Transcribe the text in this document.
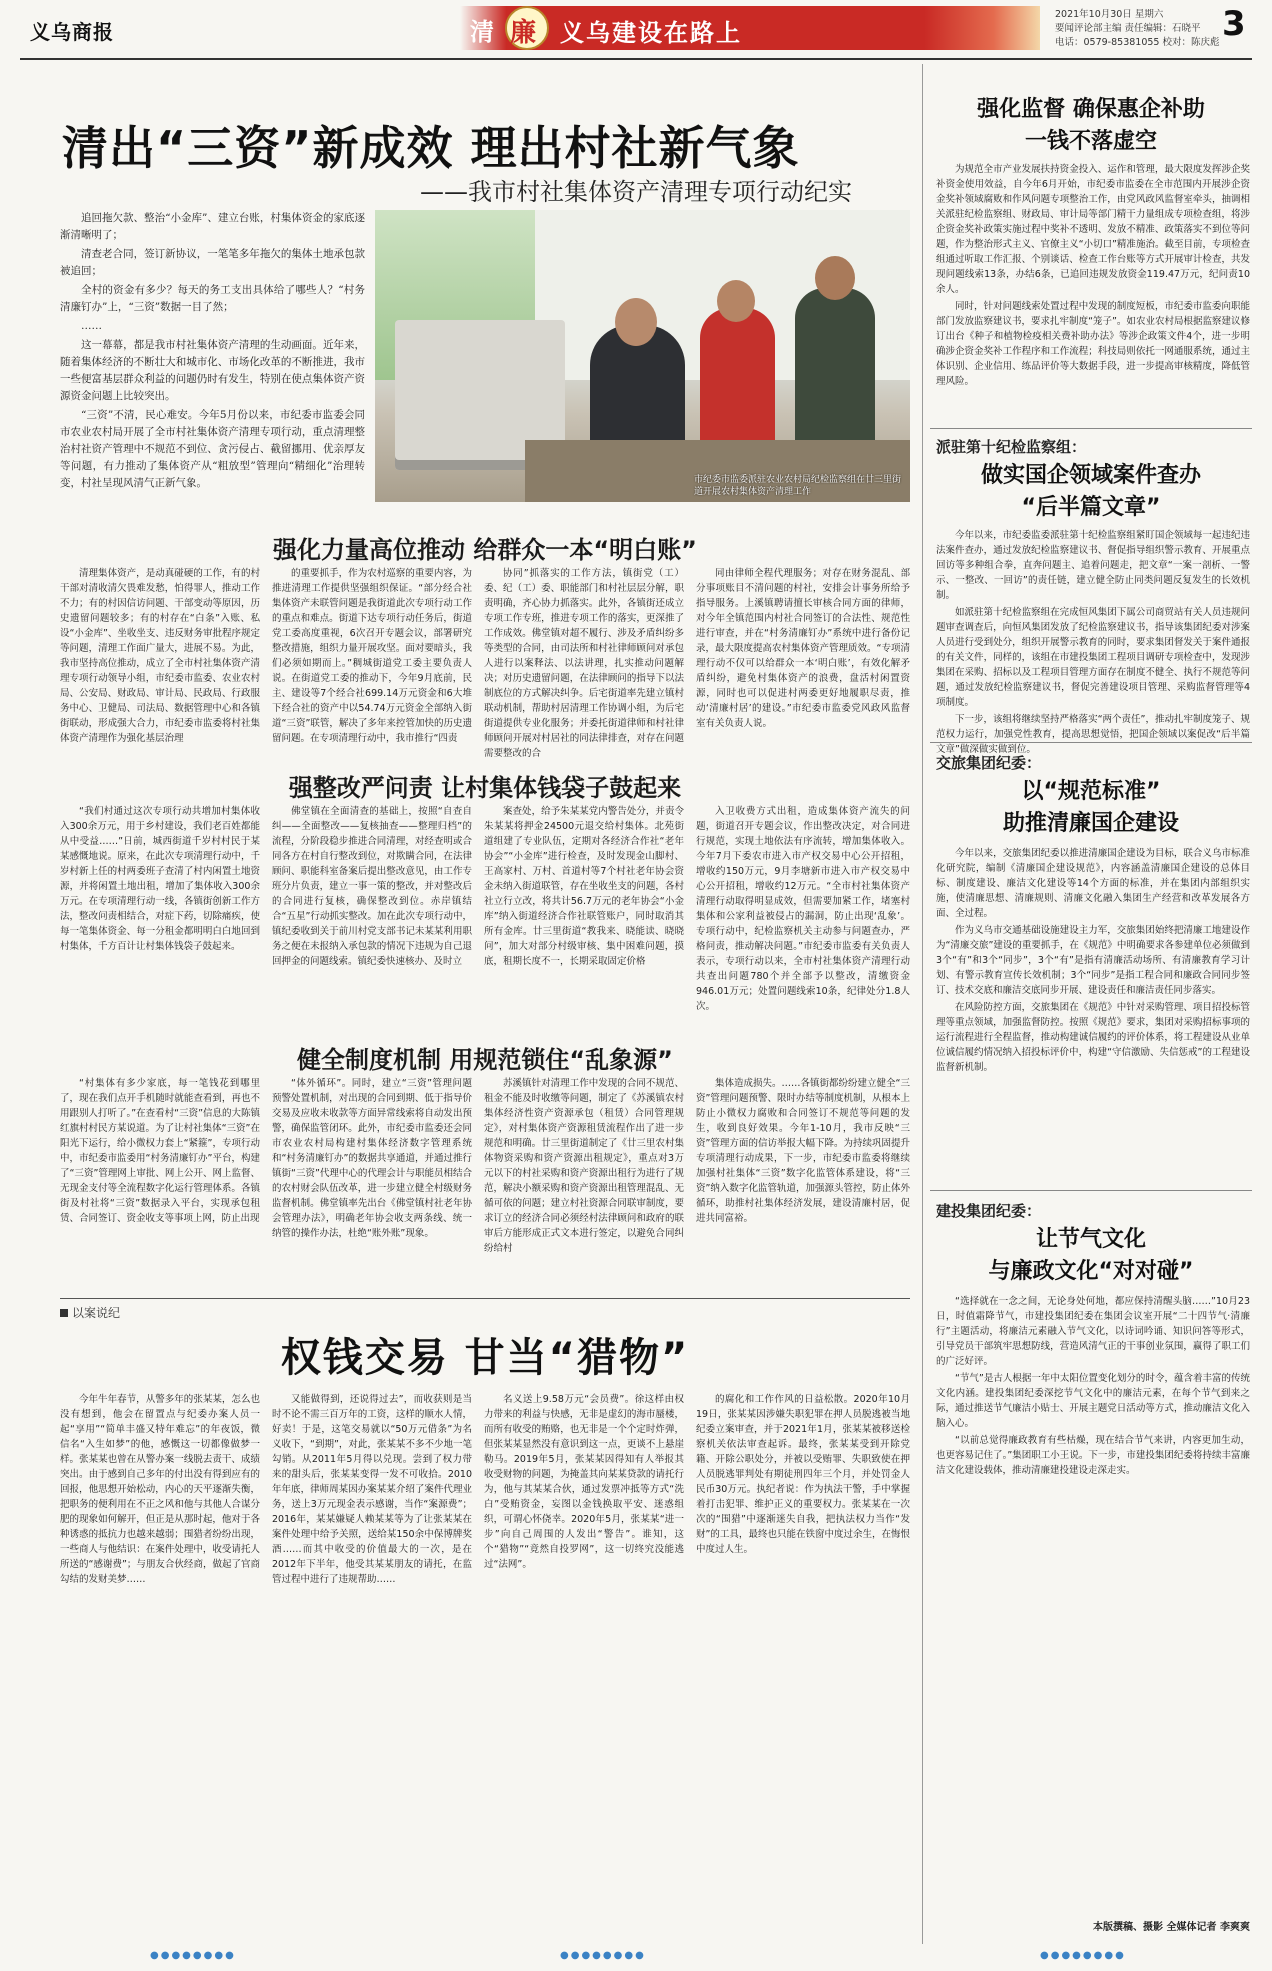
义乌商报	清 廉 义乌建设在路上
2021年10月30日 星期六
要闻评论部主编 责任编辑：石晓平
电话：0579-85381055 校对：陈庆彪 3
清出“三资”新成效 理出村社新气象
——我市村社集体资产清理专项行动纪实

追回拖欠款、整治“小金库”、建立台账，村集体资金的家底逐渐清晰明了；

清查老合同，签订新协议，一笔笔多年拖欠的集体土地承包款被追回；

全村的资金有多少？每天的务工支出具体给了哪些人？“村务清廉钉办”上，“三资”数据一目了然；

……

这一幕幕，都是我市村社集体资产清理的生动画面。近年来，随着集体经济的不断壮大和城市化、市场化改革的不断推进，我市一些便富基层群众利益的问题仍时有发生，特别在使点集体资产资源资金问题上比较突出。

“三资”不清，民心难安。今年5月份以来，市纪委市监委会同市农业农村局开展了全市村社集体资产清理专项行动，重点清理整治村社资产管理中不规范不到位、贪污侵占、截留挪用、优亲厚友等问题，有力推动了集体资产从“粗放型”管理向“精细化”治理转变，村社呈现风清气正新气象。	市纪委市监委派驻农业农村局纪检监察组在廿三里街道开展农村集体资产清理工作
强化力量高位推动 给群众一本“明白账”

清理集体资产，是动真碰硬的工作，有的村干部对清收清欠畏难发愁，怕得罪人，推动工作不力；有的村因信访问题、干部变动等原因，历史遗留问题较多；有的村存在“白条”入账、私设“小金库”、坐收坐支、违反财务审批程序规定等问题，清理工作面广量大，进展不易。为此，我市坚持高位推动，成立了全市村社集体资产清理专项行动领导小组，市纪委市监委、农业农村局、公安局、财政局、审计局、民政局、行政服务中心、卫健局、司法局、数据管理中心和各镇街联动，形成强大合力，市纪委市监委将村社集体资产清理作为强化基层治理

的重要抓手，作为农村巡察的重要内容，为推进清理工作提供坚强组织保证。“部分经合社集体资产未联管问题是我街道此次专项行动工作的重点和难点。街道下达专项行动任务后，街道党工委高度重视，6次召开专题会议，部署研究整改措施，组织力量开展攻坚。面对要暗头，我们必须如期而上。”稠城街道党工委主要负责人说。在街道党工委的推动下，今年9月底前，民主、建设等7个经合社699.14万元资金和6大堆下经合社的资产中以54.74万元资金全部纳入街道“三资”联管，解决了多年来控管加快的历史遗留问题。在专项清理行动中，我市推行“四责

协同”抓落实的工作方法，镇街党（工）委、纪（工）委、职能部门和村社层层分解，职责明确，齐心协力抓落实。此外，各镇街还成立专项工作专班，推进专项工作的落实，更深推了工作成效。佛堂镇对超不履行、涉及矛盾纠纷多等类型的合同，由司法所和村社律师顾问对承包人进行以案释法、以法讲理，扎实推动问题解决；对历史遗留问题，在法律顾问的指导下以法制底位的方式解决纠争。后宅街道率先建立镇村联动机制，帮助村居清理工作协调小组，为后宅街道提供专业化服务；并委托街道律师和村社律师顾问开展对村居社的同法律排查，对存在问题需要整改的合

同由律师全程代理服务；对存在财务混乱、部分事项账目不清问题的村社，安排会计事务所给予指导服务。上溪镇聘请擅长审核合同方面的律师，对今年全镇范围内村社合同签订的合法性、规范性进行审查，并在“村务清廉钉办”系统中进行备份记录，最大限度提高农村集体资产管理质效。“专项清理行动不仅可以给群众一本‘明白账’，有效化解矛盾纠纷，避免村集体资产的浪费，盘活村闲置资源，同时也可以促进村两委更好地履职尽责，推动‘清廉村居’的建设。”市纪委市监委党风政风监督室有关负责人说。

强整改严问责 让村集体钱袋子鼓起来

“我们村通过这次专项行动共增加村集体收入300余万元，用于乡村建设，我们老百姓都能从中受益……”日前，城西街道千岁村村民于某某感慨地说。原来，在此次专项清理行动中，千岁村新上任的村两委班子查清了村内闲置土地资源，并将闲置土地出租，增加了集体收入300余万元。在专项清理行动一线，各镇街创新工作方法，整改问责相结合，对症下药，切除痛疾，使每一笔集体资金、每一分租金都明明白白地回到村集体，千方百计让村集体钱袋子鼓起来。

佛堂镇在全面清查的基础上，按照“自查自纠——全面整改——复核抽查——整理归档”的流程，分阶段稳步推进合同清理，对经查明或合同各方在村自行整改到位，对欺瞒合同，在法律顾问、职能科室备案后提出整改意见，由工作专班分片负责，建立一事一策的整改，并对整改后的合同进行复核，确保整改到位。赤岸镇结合“五星”行动抓实整改。加在此次专项行动中，镇纪委收到关于前川村党支部书记未某某利用职务之便在未报纳入承包款的情况下违规为自己退回押金的问题线索。镇纪委快速核办、及时立

案查处，给予朱某某党内警告处分，并责令朱某某将押金24500元退交给村集体。北苑街道组建了专业队伍，定期对各经济合作社“老年协会”“小金库”进行检查，及时发现金山脚村、王高家村、万村、首道村等7个村社老年协会资金未纳入街道联管，存在坐收坐支的问题，各村社立行立改，将共计56.7万元的老年协会“小金库”纳入街道经济合作社联管账户，同时取消其所有金库。廿三里街道“教我来、晓能读、晓晓问”，加大对部分村级审核、集中困难问题，摸底，租期长度不一，长期采取固定价格

入卫收费方式出租，造成集体资产流失的问题，街道召开专题会议，作出整改决定，对合同进行规范，实现土地依法有序流转，增加集体收入。今年7月下委农市进入市产权交易中心公开招租，增收约150万元，9月李塘新市进入市产权交易中心公开招租，增收约12万元。“全市村社集体资产清理行动取得明显成效，但需要加紧工作，堵塞村集体和公家利益被侵占的漏洞，防止出现‘乱象’。专项行动中，纪检监察机关主动参与问题查办，严格问责，推动解决问题。”市纪委市监委有关负责人表示，专项行动以来，全市村社集体资产清理行动共查出问题780个并全部予以整改，清缴资金946.01万元；处置问题线索10条，纪律处分1.8人次。

健全制度机制 用规范锁住“乱象源”

“村集体有多少家底，每一笔钱花到哪里了，现在我们点开手机随时就能查看到，再也不用跟别人打听了。”在查看村“三资”信息的大陈镇红旗村村民方某说道。为了让村社集体“三资”在阳光下运行，给小微权力套上“紧箍”，专项行动中，市纪委市监委用“村务清廉钉办”平台，构建了“三资”管理网上审批、网上公开、网上监督、无现金支付等全流程数字化运行管理体系。各镇街及村社将“三资”数据录入平台，实现承包租赁、合同签订、资金收支等事项上网，防止出现

“体外循环”。同时，建立“三资”管理问题预警处置机制，对出现的合同到期、低于指导价交易及应收未收款等方面异常线索将自动发出预警，确保监管闭环。此外，市纪委市监委还会同市农业农村局构建村集体经济数字管理系统和“村务清廉钉办”的数据共享通道，并通过推行镇街“三资”代理中心的代理会计与职能员相结合的农村财会队伍改革，进一步建立健全村级财务监督机制。佛堂镇率先出台《佛堂镇村社老年协会管理办法》，明确老年协会收支两条线、统一纳管的操作办法，杜绝“账外账”现象。

苏溪镇针对清理工作中发现的合同不规范、租金不能及时收缴等问题，制定了《苏溪镇农村集体经济性资产资源承包（租赁）合同管理规定》，对村集体资产资源租赁流程作出了进一步规范和明确。廿三里街道制定了《廿三里农村集体物资采购和资产资源出租规定》，重点对3万元以下的村社采购和资产资源出租行为进行了规范，解决小额采购和资产资源出租管理混乱、无循可依的问题；建立村社资源合同联审制度，要求订立的经济合同必须经村法律顾问和政府的联审后方能形成正式文本进行签定，以避免合同纠纷给村

集体造成损失。……各镇街都纷纷建立健全“三资”管理问题预警、限时办结等制度机制，从根本上防止小微权力腐败和合同签订不规范等问题的发生，收到良好效果。今年1-10月，我市反映“三资”管理方面的信访举报大幅下降。为持续巩固提升专项清理行动成果，下一步，市纪委市监委将继续加强村社集体“三资”数字化监管体系建设，将“三资”纳入数字化监管轨道，加强源头管控，防止体外循环，助推村社集体经济发展，建设清廉村居，促进共同富裕。

以案说纪
权钱交易 甘当“猎物”

今年牛年春节，从警多年的张某某，怎么也没有想到，他会在留置点与纪委办案人员一起“享用”“简单丰盛又特年难忘”的年夜饭，微信名“入生如梦”的他，感慨这一切都像做梦一样。张某某也曾在从警办案一线脱去责干、成绩突出。由于感到自己多年的付出没有得到应有的回报，他思想开始松动，内心的天平逐渐失衡，把职务的便利用在不正之风和他与其他人合谋分肥的现象如何解开，但正是从那时起，他对于各种诱惑的抵抗力也越来越弱；围猎者纷纷出现，一些商人与他结识：在案件处理中，收受请托人所送的“感谢费”；与朋友合伙经商，做起了官商勾结的发财美梦……

又能做得到，还说得过去”，而收获则是当时不论不需三百万年的工资，这样的顺水人情，好卖！于是，这笔交易就以“50万元借条”为名义收下，“到期”，对此，张某某不多不少地一笔勾销。从2011年5月得以兑现。尝到了权力带来的甜头后，张某某变得一发不可收拾。2010年年底，律师周某因办案某某介绍了案件代理业务，送上3万元现金表示感谢，当作“案源费”；2016年，某某嫌疑人赖某某等为了让张某某在案件处理中给予关照，送给某150余中保博牌奖酒……而其中收受的价值最大的一次，是在2012年下半年，他受其某某朋友的请托，在监管过程中进行了违规帮助……

名义送上9.58万元“会员费”。徐这样由权力带来的利益与快感，无非是虚幻的海市蜃楼，而所有收受的贿赂，也无非是一个个定时炸弹，但张某某显然没有意识到这一点，更谈不上悬崖勒马。2019年5月，张某某因得知有人举报其收受财物的问题，为掩盖其向某某贷款的请托行为，他与其某某合伙，通过发票冲抵等方式“洗白”受贿资金，妄图以金钱换取平安、迷惑组织，可谓心怀侥幸。2020年5月，张某某“进一步”向自己周围的人发出“警告”。谁知，这个“猎物”“竟然自投罗网”，这一切终究没能逃过“法网”。

的腐化和工作作风的日益松散。2020年10月19日，张某某因涉嫌失职犯罪在押人员脱逃被当地纪委立案审查，并于2021年1月，张某某被移送检察机关依法审查起诉。最终，张某某受到开除党籍、开除公职处分，并被以受贿罪、失职致使在押人员脱逃罪判处有期徒刑四年三个月，并处罚金人民币30万元。执纪者说：作为执法干警，手中掌握着打击犯罪、维护正义的重要权力。张某某在一次次的“围猎”中逐渐迷失自我，把执法权力当作“发财”的工具，最终也只能在铁窗中度过余生，在悔恨中度过人生。

强化监督 确保惠企补助
一钱不落虚空

为规范全市产业发展扶持资金投入、运作和管理，最大限度发挥涉企奖补资金使用效益，自今年6月开始，市纪委市监委在全市范围内开展涉企资金奖补领域腐败和作风问题专项整治工作，由党风政风监督室牵头，抽调相关派驻纪检监察组、财政局、审计局等部门精干力量组成专项检查组，将涉企资金奖补政策实施过程中奖补不透明、发放不精准、政策落实不到位等问题，作为整治形式主义、官僚主义“小切口”精准施治。截至目前，专项检查组通过听取工作汇报、个别谈话、检查工作台账等方式开展审计检查，共发现问题线索13条，办结6条，已追回违规发放资金119.47万元，纪问责10余人。

同时，针对问题线索处置过程中发现的制度短板，市纪委市监委向职能部门发放监察建议书，要求扎牢制度“笼子”。如农业农村局根据监察建议修订出台《种子和植物检疫相关费补助办法》等涉企政策文件4个，进一步明确涉企资金奖补工作程序和工作流程；科技局则依托一网通服系统，通过主体识别、企业信用、练品评价等大数据手段，进一步提高审核精度，降低管理风险。

派驻第十纪检监察组：
做实国企领域案件查办
“后半篇文章”

今年以来，市纪委监委派驻第十纪检监察组紧盯国企领域每一起违纪违法案件查办，通过发放纪检监察建议书、督促指导组织警示教育、开展重点回访等多种组合拳，直奔问题主、追着问题走，把文章“一案一剖析、一警示、一整改、一回访”的责任链，建立健全防止同类问题反复发生的长效机制。

如派驻第十纪检监察组在完成恒风集团下属公司商贸站有关人员违规问题审查调查后，向恒风集团发放了纪检监察建议书，指导该集团纪委对涉案人员进行受到处分，组织开展警示教育的同时，要求集团督发关于案件通报的有关文件，同样的，该组在市建投集团工程项目调研专项检查中，发现涉集团在采购、招标以及工程项目管理方面存在制度不健全、执行不规范等问题，通过发放纪检监察建议书，督促完善建设项目管理、采购监督管理等4项制度。

下一步，该组将继续坚持严格落实“两个责任”，推动扎牢制度笼子、规范权力运行，加强党性教育，提高思想觉悟，把国企领域以案促改“后半篇文章”做深做实做到位。

交旅集团纪委：
以“规范标准”
助推清廉国企建设

今年以来，交旅集团纪委以推进清廉国企建设为目标，联合义乌市标准化研究院，编制《清廉国企建设规范》，内容涵盖清廉国企建设的总体目标、制度建设、廉洁文化建设等14个方面的标准，并在集团内部组织实施，使清廉思想、清廉规则、清廉文化融入集团生产经营和改革发展各方面、全过程。

作为义乌市交通基础设施建设主力军，交旅集团始终把清廉工地建设作为“清廉交旅”建设的重要抓手，在《规范》中明确要求各参建单位必须做到3个“有”和3个“同步”，3个“有”是指有清廉活动场所、有清廉教育学习计划、有警示教育宣传长效机制；3个“同步”是指工程合同和廉政合同同步签订、技术交底和廉洁交底同步开展、建设责任和廉洁责任同步落实。

在风险防控方面，交旅集团在《规范》中针对采购管理、项目招投标管理等重点领域，加强监督防控。按照《规范》要求，集团对采购招标事项的运行流程进行全程监督，推动构建诚信履约的评价体系，将工程建设从业单位诚信履约情况纳入招投标评价中，构建“守信激励、失信惩戒”的工程建设监督新机制。

建投集团纪委：
让节气文化
与廉政文化“对对碰”

“选择就在一念之间，无论身处何地，都应保持清醒头脑……”10月23日，时值霜降节气，市建投集团纪委在集团会议室开展“二十四节气·清廉行”主题活动，将廉洁元素融入节气文化，以诗词吟诵、知识问答等形式，引导党员干部筑牢思想防线，营造风清气正的干事创业氛围，赢得了职工们的广泛好评。

“节气”是古人根据一年中太阳位置变化划分的时令，蕴含着丰富的传统文化内涵。建投集团纪委深挖节气文化中的廉洁元素，在每个节气到来之际，通过推送节气廉洁小贴士、开展主题党日活动等方式，推动廉洁文化入脑入心。

“以前总觉得廉政教育有些枯燥，现在结合节气来讲，内容更加生动，也更容易记住了。”集团职工小王说。下一步，市建投集团纪委将持续丰富廉洁文化建设载体，推动清廉建投建设走深走实。

本版撰稿、摄影 全媒体记者 李爽爽
●●●●●●●●	●●●●●●●●	●●●●●●●●
